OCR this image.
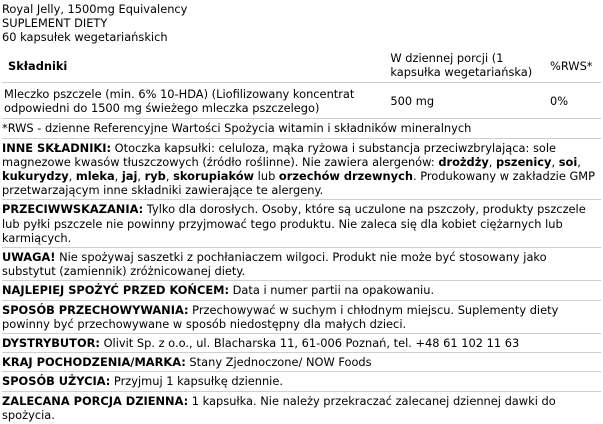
Royal Jelly, 1500mg Equivalency
SUPLEMENT DIETY
60 kapsułek wegetariańskich
Składniki	W dziennej porcji (1 kapsułka wegetariańska)	%RWS*

Mleczko pszczele (min. 6% 10-HDA) (Liofilizowany koncentrat odpowiedni do 1500 mg świeżego mleczka pszczelego)	500 mg	0%
*RWS - dzienne Referencyjne Wartości Spożycia witamin i składników mineralnych
INNE SKŁADNIKI: Otoczka kapsułki: celuloza, mąka ryżowa i substancja przeciwzbrylająca: sole magnezowe kwasów tłuszczowych (źródło roślinne). Nie zawiera alergenów: drożdży, pszenicy, soi, kukurydzy, mleka, jaj, ryb, skorupiaków lub orzechów drzewnych. Produkowany w zakładzie GMP przetwarzającym inne składniki zawierające te alergeny.
PRZECIWWSKAZANIA: Tylko dla dorosłych. Osoby, które są uczulone na pszczoły, produkty pszczele lub pyłki pszczele nie powinny przyjmować tego produktu. Nie zaleca się dla kobiet ciężarnych lub karmiących.
UWAGA! Nie spożywaj saszetki z pochłaniaczem wilgoci. Produkt nie może być stosowany jako substytut (zamiennik) zróżnicowanej diety.
NAJLEPIEJ SPOŻYĆ PRZED KOŃCEM: Data i numer partii na opakowaniu.
SPOSÓB PRZECHOWYWANIA: Przechowywać w suchym i chłodnym miejscu. Suplementy diety powinny być przechowywane w sposób niedostępny dla małych dzieci.
DYSTRYBUTOR: Olivit Sp. z o.o., ul. Blacharska 11, 61-006 Poznań, tel. +48 61 102 11 63
KRAJ POCHODZENIA/MARKA: Stany Zjednoczone/ NOW Foods
SPOSÓB UŻYCIA: Przyjmuj 1 kapsułkę dziennie.
ZALECANA PORCJA DZIENNA: 1 kapsułka. Nie należy przekraczać zalecanej dziennej dawki do spożycia.
